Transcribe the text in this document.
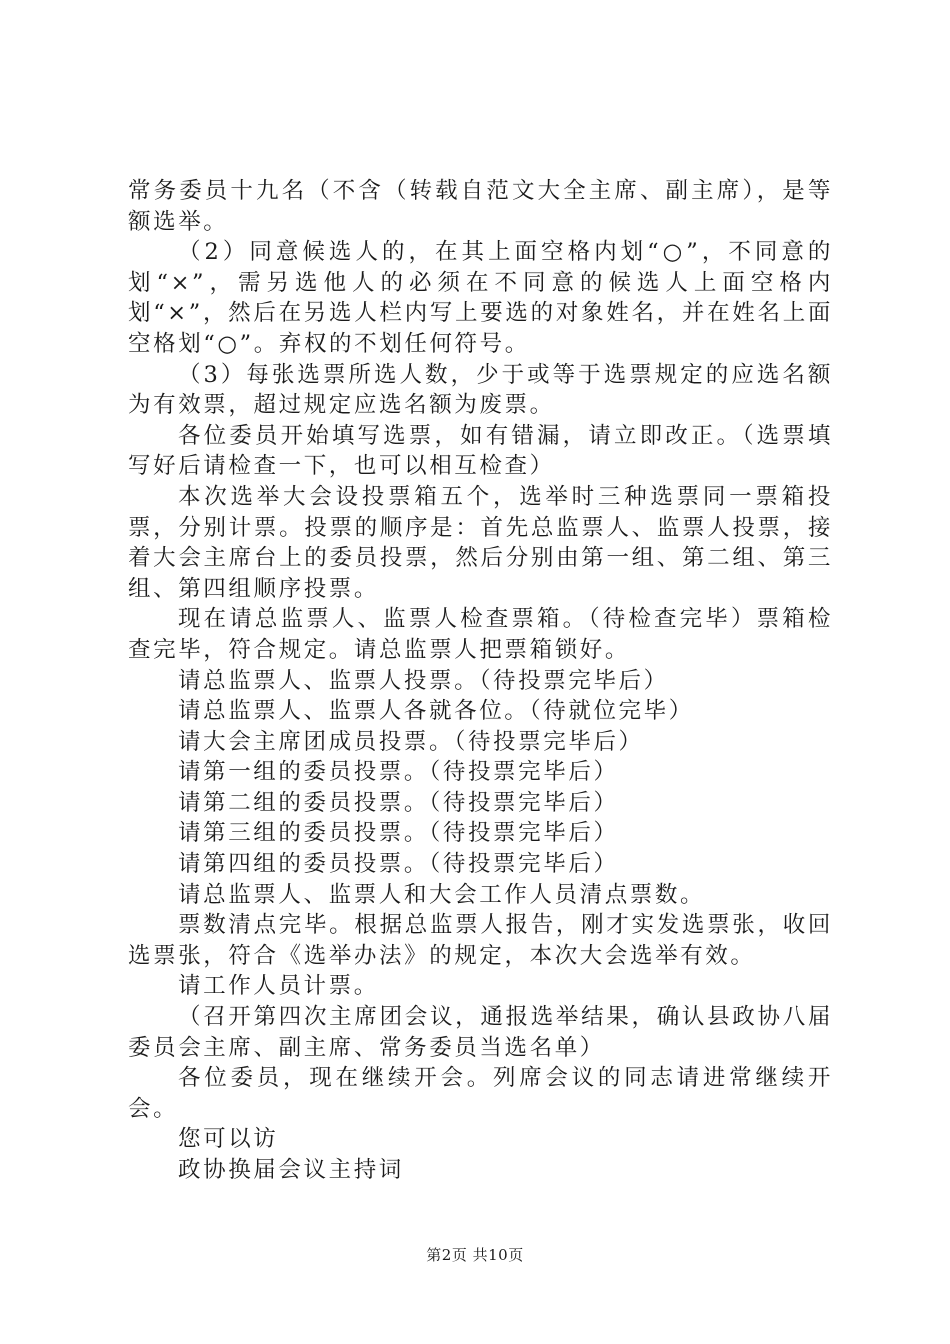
常务委员十九名（不含（转载自范文大全主席、副主席），是等额选举。

（2）同意候选人的，在其上面空格内划“○”，不同意的划“×”，需另选他人的必须在不同意的候选人上面空格内划“×”，然后在另选人栏内写上要选的对象姓名，并在姓名上面空格划“○”。弃权的不划任何符号。

（3）每张选票所选人数，少于或等于选票规定的应选名额为有效票，超过规定应选名额为废票。

各位委员开始填写选票，如有错漏，请立即改正。（选票填写好后请检查一下，也可以相互检查）

本次选举大会设投票箱五个，选举时三种选票同一票箱投票，分别计票。投票的顺序是：首先总监票人、监票人投票，接着大会主席台上的委员投票，然后分别由第一组、第二组、第三组、第四组顺序投票。

现在请总监票人、监票人检查票箱。（待检查完毕）票箱检查完毕，符合规定。请总监票人把票箱锁好。

请总监票人、监票人投票。（待投票完毕后）

请总监票人、监票人各就各位。（待就位完毕）

请大会主席团成员投票。（待投票完毕后）

请第一组的委员投票。（待投票完毕后）

请第二组的委员投票。（待投票完毕后）

请第三组的委员投票。（待投票完毕后）

请第四组的委员投票。（待投票完毕后）

请总监票人、监票人和大会工作人员清点票数。

票数清点完毕。根据总监票人报告，刚才实发选票张，收回选票张，符合《选举办法》的规定，本次大会选举有效。

请工作人员计票。

（召开第四次主席团会议，通报选举结果，确认县政协八届委员会主席、副主席、常务委员当选名单）

各位委员，现在继续开会。列席会议的同志请进常继续开会。

您可以访

政协换届会议主持词

第2页 共10页
